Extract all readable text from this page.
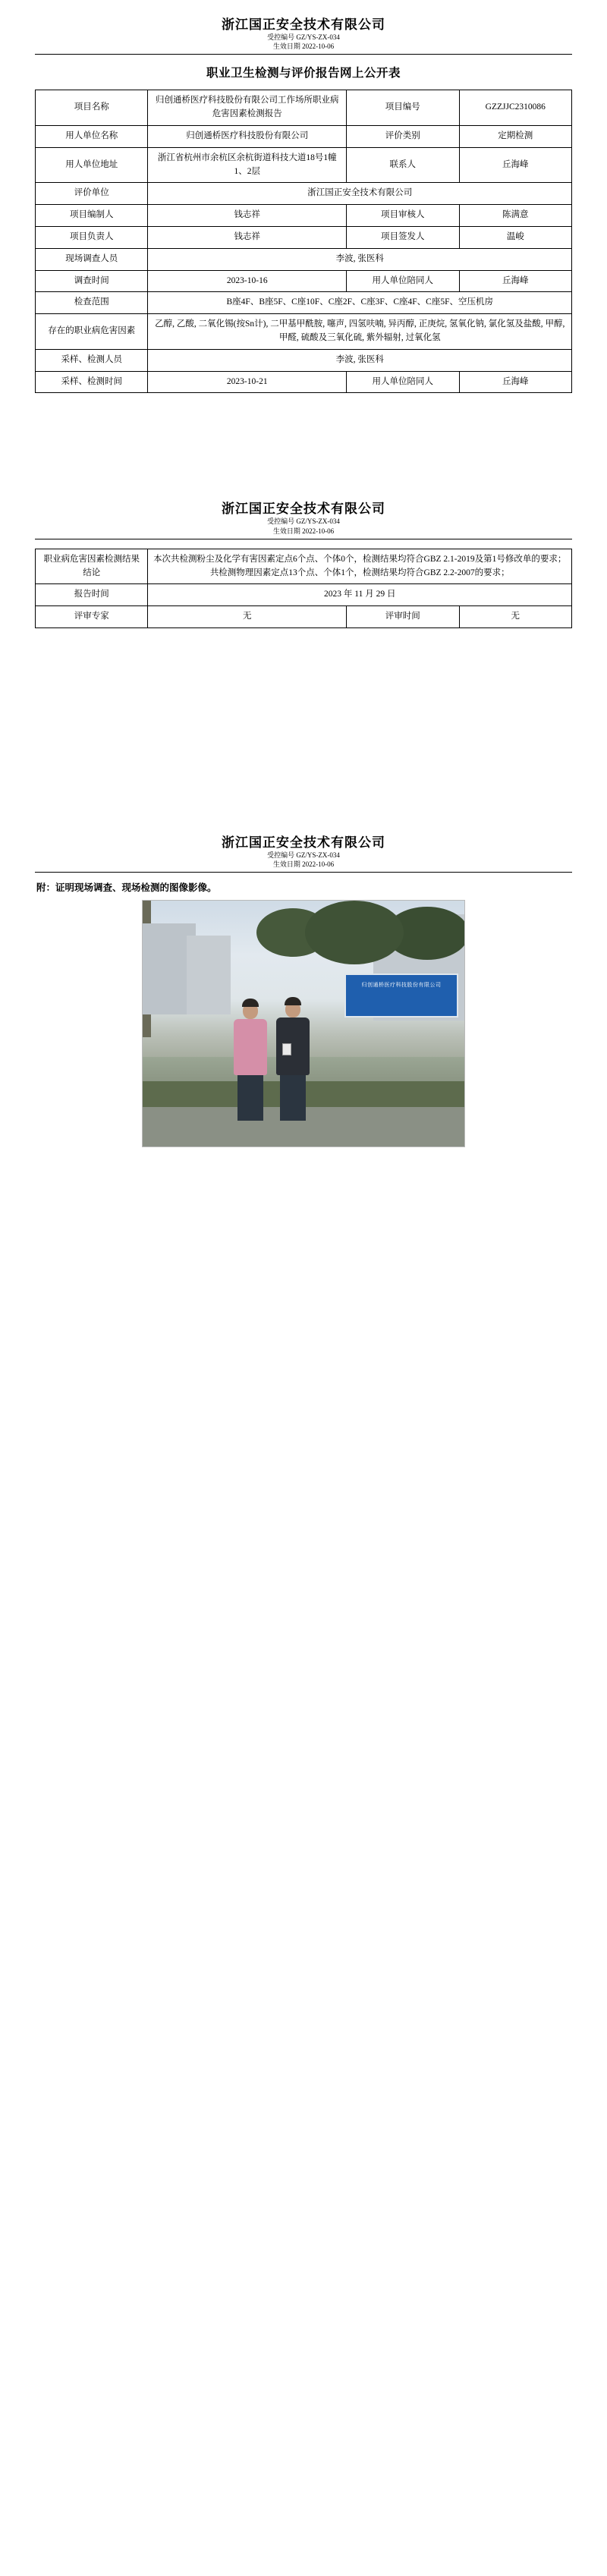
浙江国正安全技术有限公司
受控编号 GZ/YS-ZX-034
生效日期 2022-10-06
职业卫生检测与评价报告网上公开表
项目名称	归创通桥医疗科技股份有限公司工作场所职业病危害因素检测报告	项目编号	GZZJJC2310086
用人单位名称	归创通桥医疗科技股份有限公司	评价类别	定期检测
用人单位地址	浙江省杭州市余杭区余杭街道科技大道18号1幢1、2层	联系人	丘海峰
评价单位	浙江国正安全技术有限公司		
项目编制人	钱志祥	项目审核人	陈满意
项目负责人	钱志祥	项目签发人	温峻
现场调查人员	李波, 张医科		
调查时间	2023-10-16	用人单位陪同人	丘海峰
检查范围	B座4F、B座5F、C座10F、C座2F、C座3F、C座4F、C座5F、空压机房		
存在的职业病危害因素	乙醇, 乙酸, 二氧化锡(按Sn计), 二甲基甲酰胺, 噻声, 四氢呋喃, 异丙醇, 正庚烷, 氢氧化钠, 氯化氢及盐酸, 甲醇, 甲醛, 硫酸及三氧化硫, 紫外辐射, 过氧化氢		
采样、检测人员	李波, 张医科		
采样、检测时间	2023-10-21	用人单位陪同人	丘海峰
浙江国正安全技术有限公司
受控编号 GZ/YS-ZX-034
生效日期 2022-10-06
职业病危害因素检测结果结论	本次共检测粉尘及化学有害因素定点6个点、个体0个，检测结果均符合GBZ 2.1-2019及第1号修改单的要求；共检测物理因素定点13个点、个体1个，检测结果均符合GBZ 2.2-2007的要求；		
报告时间	2023 年 11 月 29 日		
评审专家	无	评审时间	无
浙江国正安全技术有限公司
受控编号 GZ/YS-ZX-034
生效日期 2022-10-06
附：证明现场调查、现场检测的图像影像。
归创通桥医疗科技股份有限公司
